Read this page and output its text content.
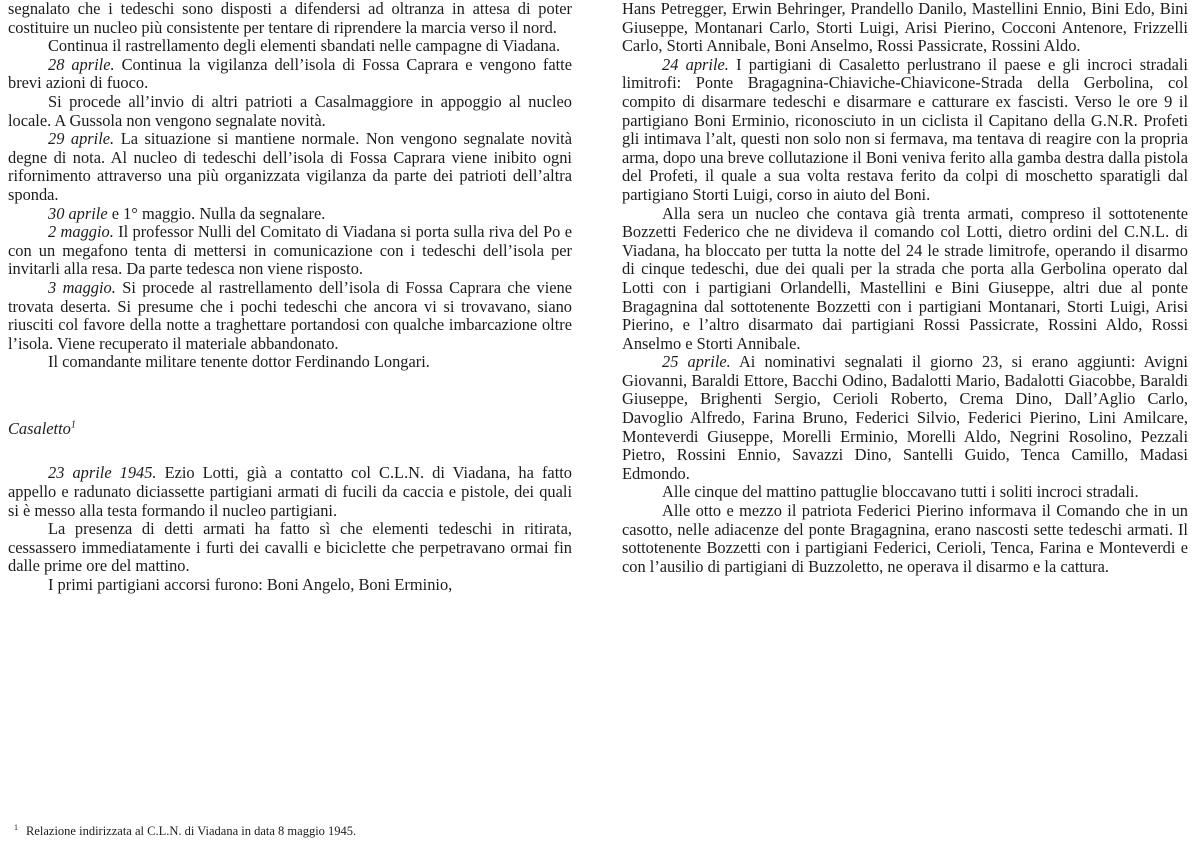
segnalato che i tedeschi sono disposti a difendersi ad oltranza in attesa di poter costituire un nucleo più consistente per tentare di riprendere la marcia verso il nord.

Continua il rastrellamento degli elementi sbandati nelle campagne di Viadana.

28 aprile. Continua la vigilanza dell’isola di Fossa Caprara e vengono fatte brevi azioni di fuoco.

Si procede all’invio di altri patrioti a Casalmaggiore in appoggio al nucleo locale. A Gussola non vengono segnalate novità.

29 aprile. La situazione si mantiene normale. Non vengono segnalate novità degne di nota. Al nucleo di tedeschi dell’isola di Fossa Caprara viene inibito ogni rifornimento attraverso una più organizzata vigilanza da parte dei patrioti dell’altra sponda.

30 aprile e 1° maggio. Nulla da segnalare.

2 maggio. Il professor Nulli del Comitato di Viadana si porta sulla riva del Po e con un megafono tenta di mettersi in comunicazione con i tedeschi dell’isola per invitarli alla resa. Da parte tedesca non viene risposto.

3 maggio. Si procede al rastrellamento dell’isola di Fossa Caprara che viene trovata deserta. Si presume che i pochi tedeschi che ancora vi si trovavano, siano riusciti col favore della notte a traghettare portandosi con qualche imbarcazione oltre l’isola. Viene recuperato il materiale abbandonato.

Il comandante militare tenente dottor Ferdinando Longari.

Casaletto$^1$

23 aprile 1945. Ezio Lotti, già a contatto col C.L.N. di Viadana, ha fatto appello e radunato diciassette partigiani armati di fucili da caccia e pistole, dei quali si è messo alla testa formando il nucleo partigiani.

La presenza di detti armati ha fatto sì che elementi tedeschi in ritirata, cessassero immediatamente i furti dei cavalli e biciclette che perpetravano ormai fin dalle prime ore del mattino.

I primi partigiani accorsi furono: Boni Angelo, Boni Erminio,

$^1$ Relazione indirizzata al C.L.N. di Viadana in data 8 maggio 1945.

Hans Petregger, Erwin Behringer, Prandello Danilo, Mastellini Ennio, Bini Edo, Bini Giuseppe, Montanari Carlo, Storti Luigi, Arisi Pierino, Cocconi Antenore, Frizzelli Carlo, Storti Annibale, Boni Anselmo, Rossi Passicrate, Rossini Aldo.

24 aprile. I partigiani di Casaletto perlustrano il paese e gli incroci stradali limitrofi: Ponte Bragagnina-Chiaviche-Chiavicone-Strada della Gerbolina, col compito di disarmare tedeschi e disarmare e catturare ex fascisti. Verso le ore 9 il partigiano Boni Erminio, riconosciuto in un ciclista il Capitano della G.N.R. Profeti gli intimava l’alt, questi non solo non si fermava, ma tentava di reagire con la propria arma, dopo una breve collutazione il Boni veniva ferito alla gamba destra dalla pistola del Profeti, il quale a sua volta restava ferito da colpi di moschetto sparatigli dal partigiano Storti Luigi, corso in aiuto del Boni.

Alla sera un nucleo che contava già trenta armati, compreso il sottotenente Bozzetti Federico che ne divideva il comando col Lotti, dietro ordini del C.N.L. di Viadana, ha bloccato per tutta la notte del 24 le strade limitrofe, operando il disarmo di cinque tedeschi, due dei quali per la strada che porta alla Gerbolina operato dal Lotti con i partigiani Orlandelli, Mastellini e Bini Giuseppe, altri due al ponte Bragagnina dal sottotenente Bozzetti con i partigiani Montanari, Storti Luigi, Arisi Pierino, e l’altro disarmato dai partigiani Rossi Passicrate, Rossini Aldo, Rossi Anselmo e Storti Annibale.

25 aprile. Ai nominativi segnalati il giorno 23, si erano aggiunti: Avigni Giovanni, Baraldi Ettore, Bacchi Odino, Badalotti Mario, Badalotti Giacobbe, Baraldi Giuseppe, Brighenti Sergio, Cerioli Roberto, Crema Dino, Dall’Aglio Carlo, Davoglio Alfredo, Farina Bruno, Federici Silvio, Federici Pierino, Lini Amilcare, Monteverdi Giuseppe, Morelli Erminio, Morelli Aldo, Negrini Rosolino, Pezzali Pietro, Rossini Ennio, Savazzi Dino, Santelli Guido, Tenca Camillo, Madasi Edmondo.

Alle cinque del mattino pattuglie bloccavano tutti i soliti incroci stradali.

Alle otto e mezzo il patriota Federici Pierino informava il Comando che in un casotto, nelle adiacenze del ponte Bragagnina, erano nascosti sette tedeschi armati. Il sottotenente Bozzetti con i partigiani Federici, Cerioli, Tenca, Farina e Monteverdi e con l’ausilio di partigiani di Buzzoletto, ne operava il disarmo e la cattura.
